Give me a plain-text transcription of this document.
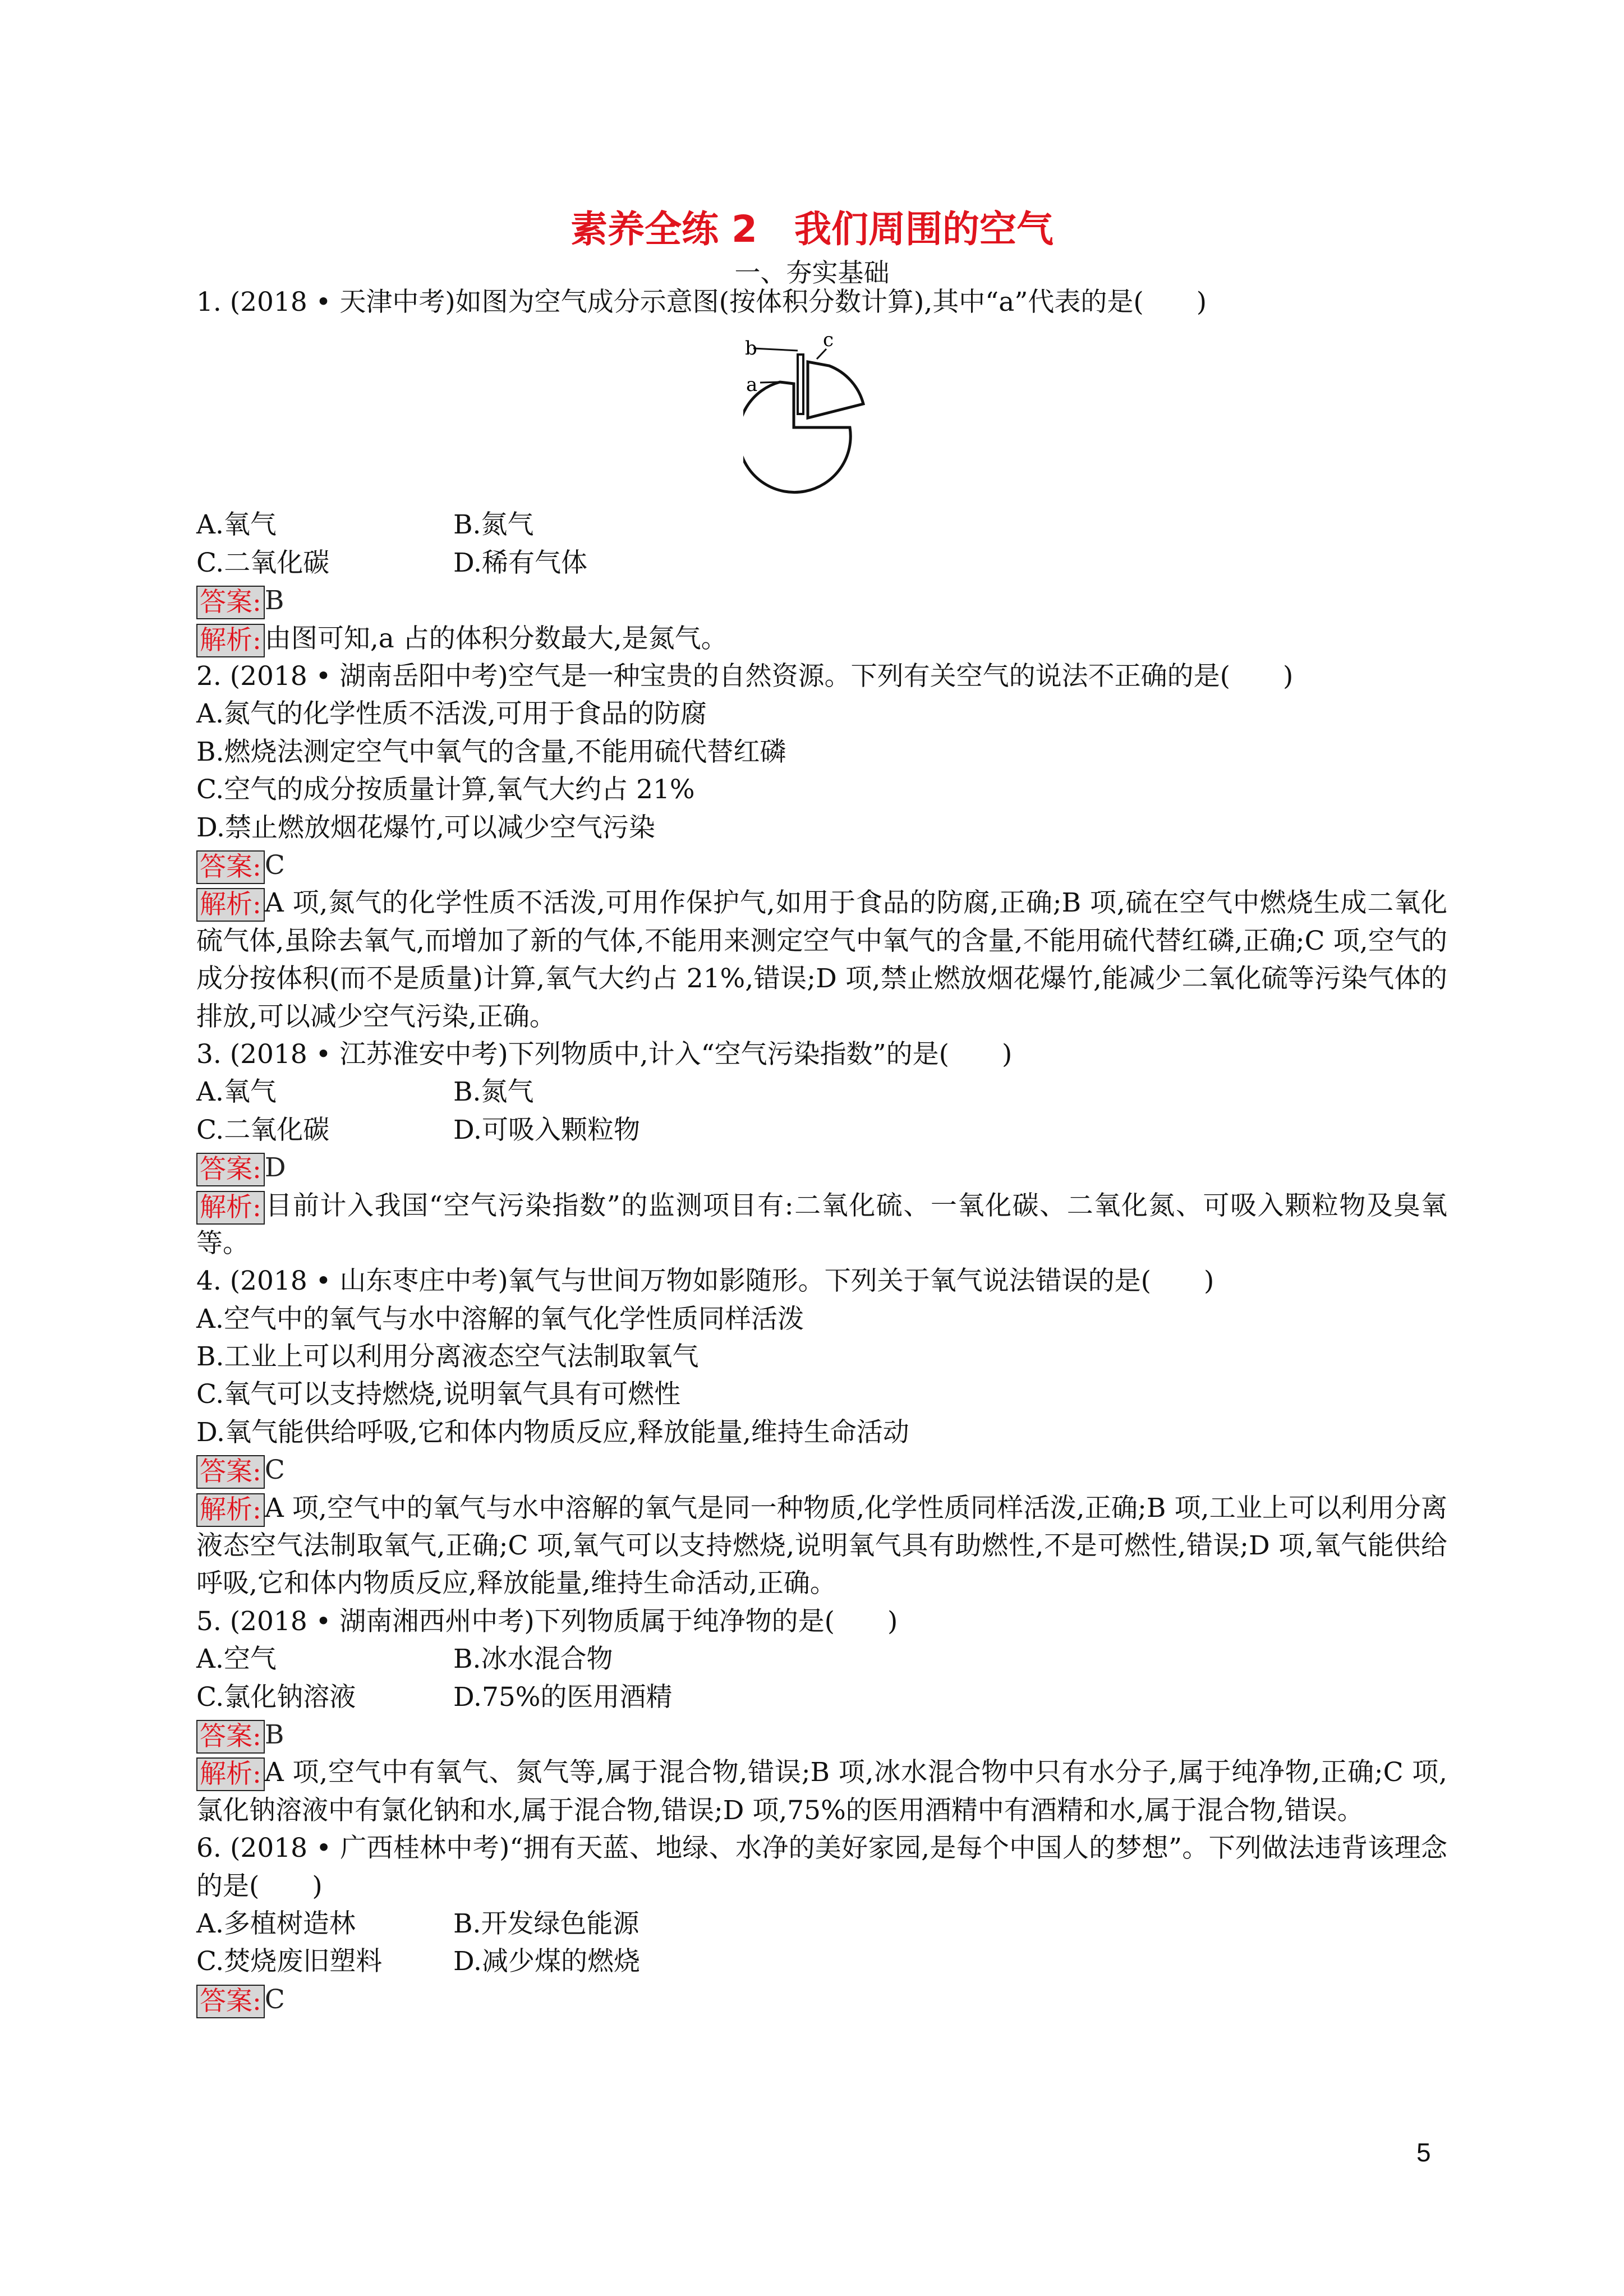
素养全练 2　我们周围的空气
一、夯实基础
1. (2018 • 天津中考)如图为空气成分示意图(按体积分数计算),其中“a”代表的是(　　)
b
a
c
A.氧气	B.氮气
C.二氧化碳	D.稀有气体
答案: B
解析: 由图可知,a 占的体积分数最大,是氮气。
2. (2018 • 湖南岳阳中考)空气是一种宝贵的自然资源。下列有关空气的说法不正确的是(　　)
A.氮气的化学性质不活泼,可用于食品的防腐
B.燃烧法测定空气中氧气的含量,不能用硫代替红磷
C.空气的成分按质量计算,氧气大约占 21%
D.禁止燃放烟花爆竹,可以减少空气污染
答案: C
解析: A 项,氮气的化学性质不活泼,可用作保护气,如用于食品的防腐,正确;B 项,硫在空气中燃烧生成二氧化硫气体,虽除去氧气,而增加了新的气体,不能用来测定空气中氧气的含量,不能用硫代替红磷,正确;C 项,空气的成分按体积(而不是质量)计算,氧气大约占 21%,错误;D 项,禁止燃放烟花爆竹,能减少二氧化硫等污染气体的排放,可以减少空气污染,正确。
3. (2018 • 江苏淮安中考)下列物质中,计入“空气污染指数”的是(　　)
A.氧气	B.氮气
C.二氧化碳	D.可吸入颗粒物
答案: D
解析: 目前计入我国“空气污染指数”的监测项目有:二氧化硫、一氧化碳、二氧化氮、可吸入颗粒物及臭氧等。
4. (2018 • 山东枣庄中考)氧气与世间万物如影随形。下列关于氧气说法错误的是(　　)
A.空气中的氧气与水中溶解的氧气化学性质同样活泼
B.工业上可以利用分离液态空气法制取氧气
C.氧气可以支持燃烧,说明氧气具有可燃性
D.氧气能供给呼吸,它和体内物质反应,释放能量,维持生命活动
答案: C
解析: A 项,空气中的氧气与水中溶解的氧气是同一种物质,化学性质同样活泼,正确;B 项,工业上可以利用分离液态空气法制取氧气,正确;C 项,氧气可以支持燃烧,说明氧气具有助燃性,不是可燃性,错误;D 项,氧气能供给呼吸,它和体内物质反应,释放能量,维持生命活动,正确。
5. (2018 • 湖南湘西州中考)下列物质属于纯净物的是(　　)
A.空气	B.冰水混合物
C.氯化钠溶液	D.75%的医用酒精
答案: B
解析: A 项,空气中有氧气、氮气等,属于混合物,错误;B 项,冰水混合物中只有水分子,属于纯净物,正确;C 项,氯化钠溶液中有氯化钠和水,属于混合物,错误;D 项,75%的医用酒精中有酒精和水,属于混合物,错误。
6. (2018 • 广西桂林中考)“拥有天蓝、地绿、水净的美好家园,是每个中国人的梦想”。下列做法违背该理念的是(　　)
A.多植树造林	B.开发绿色能源
C.焚烧废旧塑料	D.减少煤的燃烧
答案: C
5
